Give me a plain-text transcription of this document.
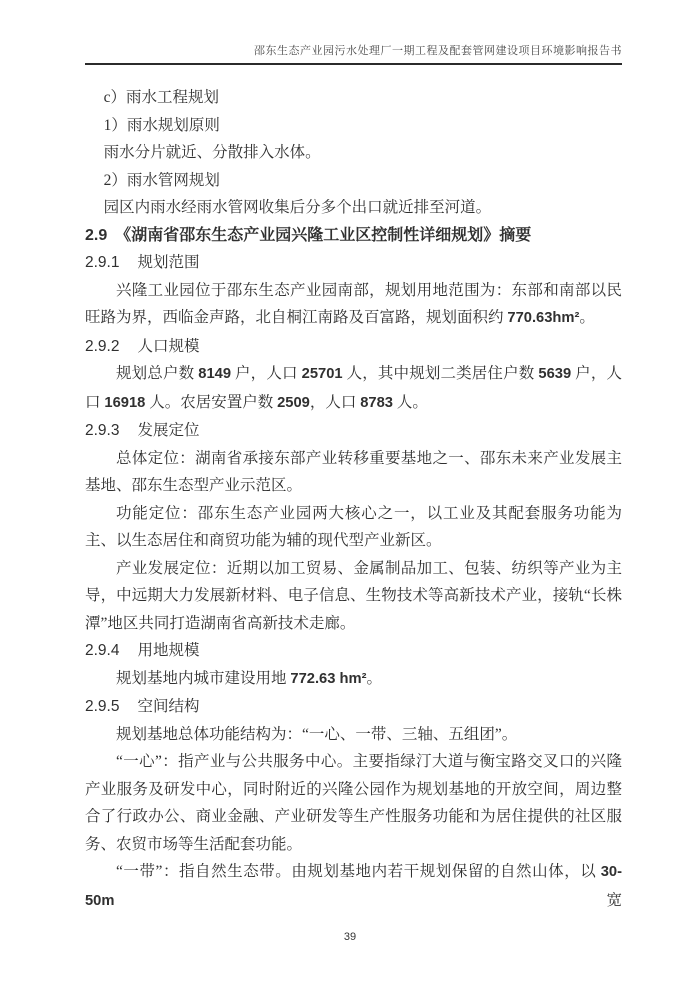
邵东生态产业园污水处理厂一期工程及配套管网建设项目环境影响报告书

c）雨水工程规划

1）雨水规划原则

雨水分片就近、分散排入水体。

2）雨水管网规划

园区内雨水经雨水管网收集后分多个出口就近排至河道。

2.9 《湖南省邵东生态产业园兴隆工业区控制性详细规划》摘要

2.9.1 规划范围

兴隆工业园位于邵东生态产业园南部，规划用地范围为：东部和南部以民旺路为界，西临金声路，北自桐江南路及百富路，规划面积约 770.63hm²。

2.9.2 人口规模

规划总户数 8149 户，人口 25701 人，其中规划二类居住户数 5639 户，人口 16918 人。农居安置户数 2509，人口 8783 人。

2.9.3 发展定位

总体定位：湖南省承接东部产业转移重要基地之一、邵东未来产业发展主基地、邵东生态型产业示范区。

功能定位：邵东生态产业园两大核心之一，以工业及其配套服务功能为主、以生态居住和商贸功能为辅的现代型产业新区。

产业发展定位：近期以加工贸易、金属制品加工、包装、纺织等产业为主导，中远期大力发展新材料、电子信息、生物技术等高新技术产业，接轨“长株潭”地区共同打造湖南省高新技术走廊。

2.9.4 用地规模

规划基地内城市建设用地 772.63 hm²。

2.9.5 空间结构

规划基地总体功能结构为：“一心、一带、三轴、五组团”。

“一心”：指产业与公共服务中心。主要指绿汀大道与衡宝路交叉口的兴隆产业服务及研发中心，同时附近的兴隆公园作为规划基地的开放空间，周边整合了行政办公、商业金融、产业研发等生产性服务功能和为居住提供的社区服务、农贸市场等生活配套功能。

“一带”：指自然生态带。由规划基地内若干规划保留的自然山体，以 30-50m 宽

39
